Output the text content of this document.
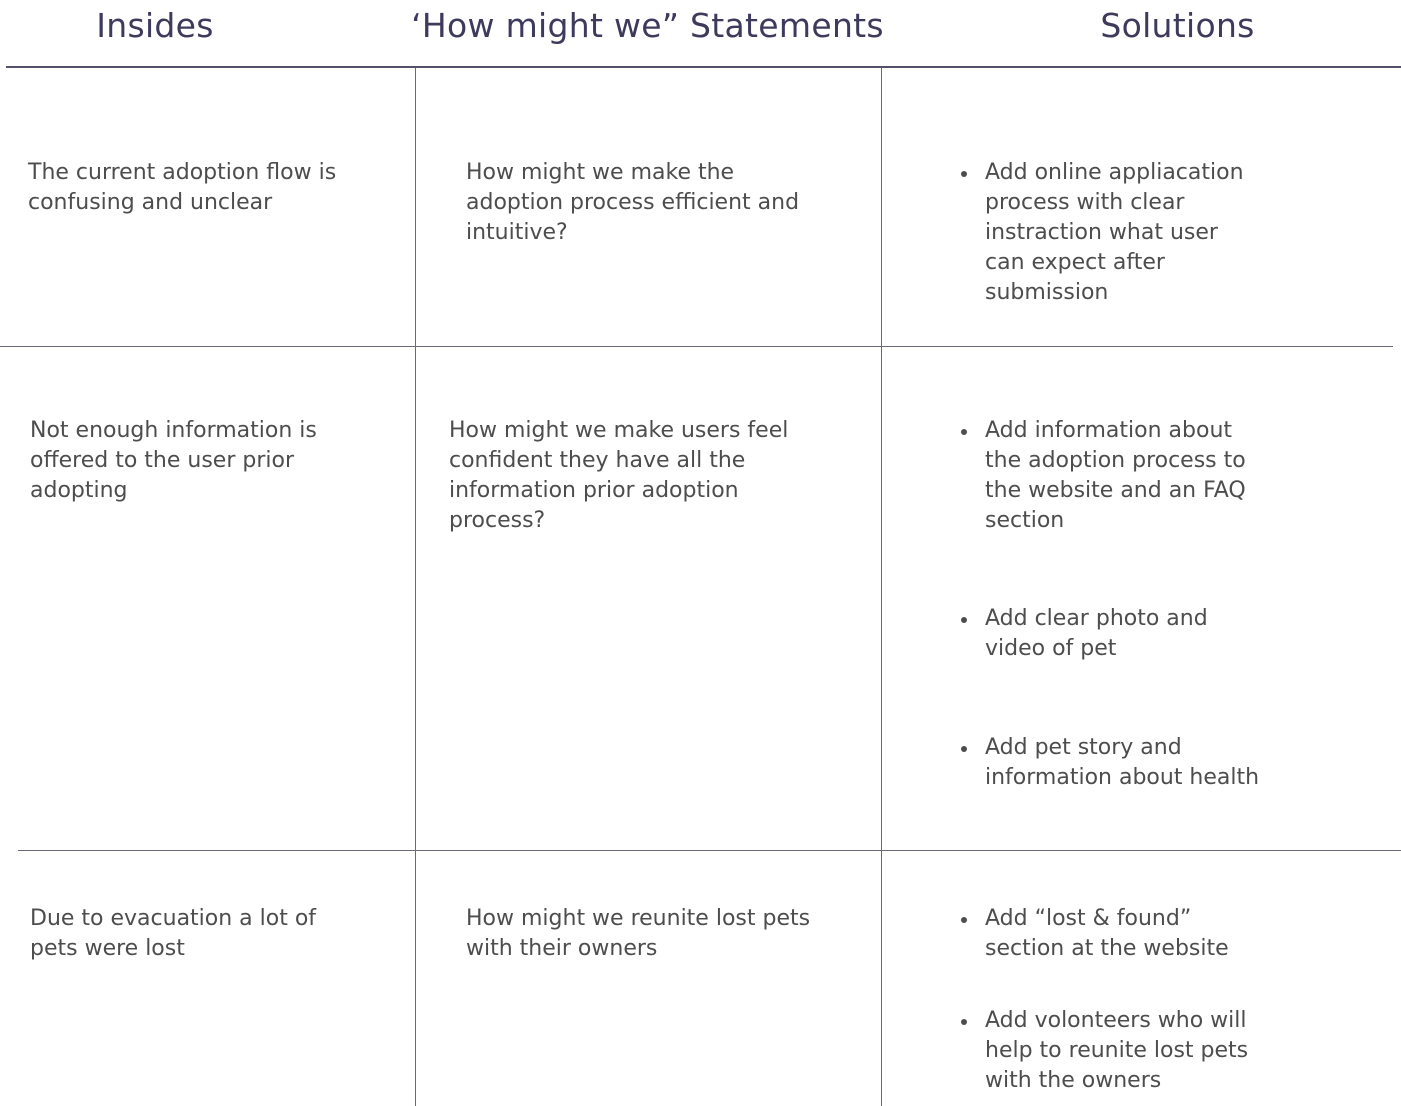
Insides	‘How might we” Statements	Solutions
The current adoption flow is confusing and unclear
How might we make the adoption process efficient and intuitive?
Add online appliacation process with clear instraction what user can expect after submission
Not enough information is offered to the user prior adopting
How might we make users feel confident they have all the information prior adoption process?
Add information about the adoption process to the website and an FAQ section
Add clear photo and video of pet
Add pet story and information about health
Due to evacuation a lot of pets were lost
How might we reunite lost pets with their owners
Add “lost & found” section at the website
Add volonteers who will help to reunite lost pets with the owners
